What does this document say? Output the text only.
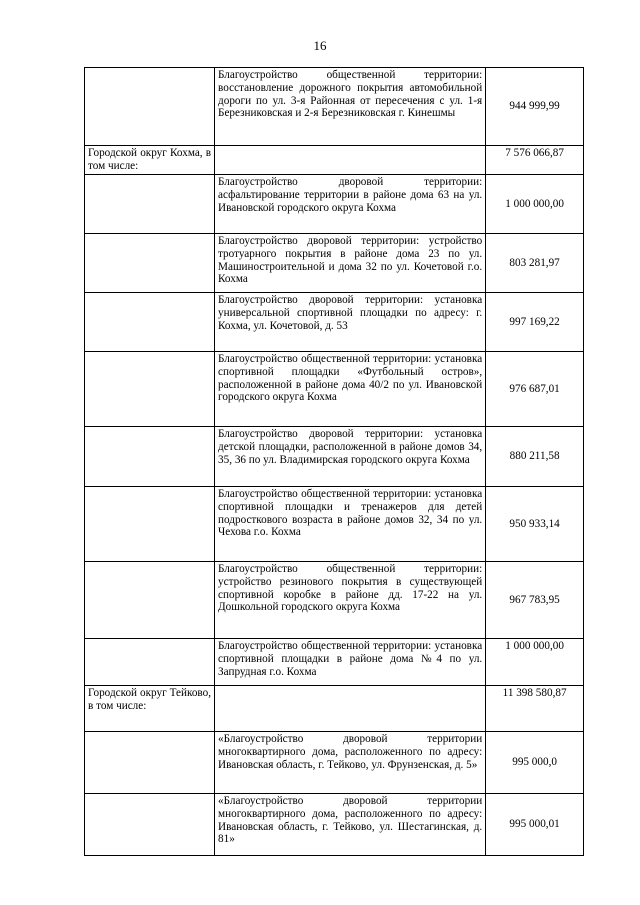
16
	Благоустройство общественной территории: восстановление дорожного покрытия автомобильной дороги по ул. 3-я Районная от пересечения с ул. 1-я Березниковская и 2-я Березниковская г. Кинешмы	944 999,99
Городской округ Кохма, в том числе:		7 576 066,87
	Благоустройство дворовой территории: асфальтирование территории в районе дома 63 на ул. Ивановской городского округа Кохма	1 000 000,00
	Благоустройство дворовой территории: устройство тротуарного покрытия в районе дома 23 по ул. Машиностроительной и дома 32 по ул. Кочетовой г.о. Кохма	803 281,97
	Благоустройство дворовой территории: установка универсальной спортивной площадки по адресу: г. Кохма, ул. Кочетовой, д. 53	997 169,22
	Благоустройство общественной территории: установка спортивной площадки «Футбольный остров», расположенной в районе дома 40/2 по ул. Ивановской городского округа Кохма	976 687,01
	Благоустройство дворовой территории: установка детской площадки, расположенной в районе домов 34, 35, 36 по ул. Владимирская городского округа Кохма	880 211,58
	Благоустройство общественной территории: установка спортивной площадки и тренажеров для детей подросткового возраста в районе домов 32, 34 по ул. Чехова г.о. Кохма	950 933,14
	Благоустройство общественной территории: устройство резинового покрытия в существующей спортивной коробке в районе дд. 17-22 на ул. Дошкольной городского округа Кохма	967 783,95
	Благоустройство общественной территории: установка спортивной площадки в районе дома №4 по ул. Запрудная г.о. Кохма	1 000 000,00
Городской округ Тейково, в том числе:		11 398 580,87
	«Благоустройство дворовой территории многоквартирного дома, расположенного по адресу: Ивановская область, г. Тейково, ул. Фрунзенская, д. 5»	995 000,0
	«Благоустройство дворовой территории многоквартирного дома, расположенного по адресу: Ивановская область, г. Тейково, ул. Шестагинская, д. 81»	995 000,01
